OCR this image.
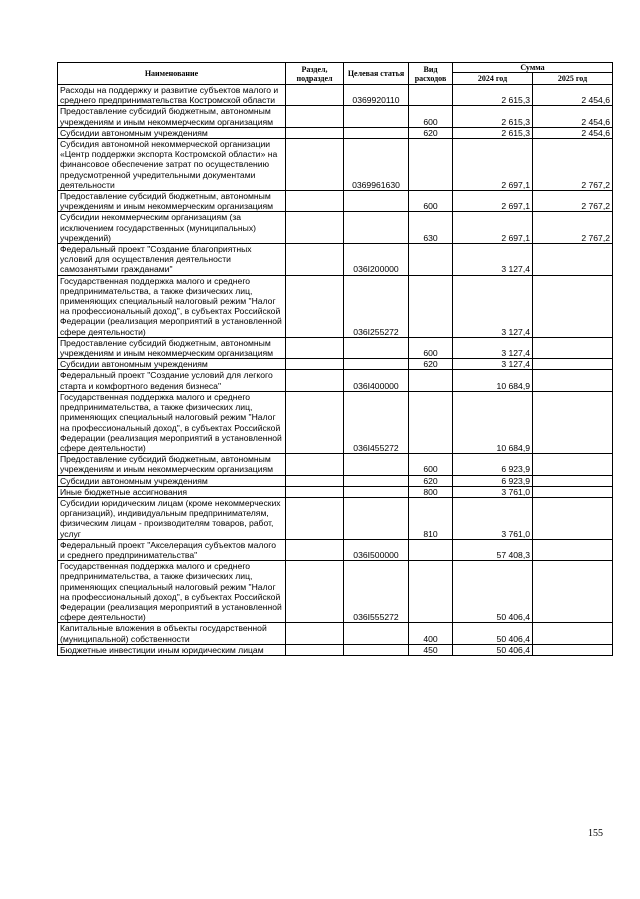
Наименование	Раздел, подраздел	Целевая статья	Вид расходов	Сумма	
				2024 год	2025 год
Расходы на поддержку и развитие субъектов малого и среднего предпринимательства Костромской области		0369920110		2 615,3	2 454,6
Предоставление субсидий бюджетным, автономным учреждениям и иным некоммерческим организациям			600	2 615,3	2 454,6
Субсидии автономным учреждениям			620	2 615,3	2 454,6
Субсидия автономной некоммерческой организации «Центр поддержки экспорта Костромской области» на финансовое обеспечение затрат по осуществлению предусмотренной учредительными документами деятельности		0369961630		2 697,1	2 767,2
Предоставление субсидий бюджетным, автономным учреждениям и иным некоммерческим организациям			600	2 697,1	2 767,2
Субсидии некоммерческим организациям (за исключением государственных (муниципальных) учреждений)			630	2 697,1	2 767,2
Федеральный проект "Создание благоприятных условий для осуществления деятельности самозанятыми гражданами"		036I200000		3 127,4	
Государственная поддержка малого и среднего предпринимательства, а также физических лиц, применяющих специальный налоговый режим "Налог на профессиональный доход", в субъектах Российской Федерации (реализация мероприятий в установленной сфере деятельности)		036I255272		3 127,4	
Предоставление субсидий бюджетным, автономным учреждениям и иным некоммерческим организациям			600	3 127,4	
Субсидии автономным учреждениям			620	3 127,4	
Федеральный проект "Создание условий для легкого старта и комфортного ведения бизнеса"		036I400000		10 684,9	
Государственная поддержка малого и среднего предпринимательства, а также физических лиц, применяющих специальный налоговый режим "Налог на профессиональный доход", в субъектах Российской Федерации (реализация мероприятий в установленной сфере деятельности)		036I455272		10 684,9	
Предоставление субсидий бюджетным, автономным учреждениям и иным некоммерческим организациям			600	6 923,9	
Субсидии автономным учреждениям			620	6 923,9	
Иные бюджетные ассигнования			800	3 761,0	
Субсидии юридическим лицам (кроме некоммерческих организаций), индивидуальным предпринимателям, физическим лицам - производителям товаров, работ, услуг			810	3 761,0	
Федеральный проект "Акселерация субъектов малого и среднего предпринимательства"		036I500000		57 408,3	
Государственная поддержка малого и среднего предпринимательства, а также физических лиц, применяющих специальный налоговый режим "Налог на профессиональный доход", в субъектах Российской Федерации (реализация мероприятий в установленной сфере деятельности)		036I555272		50 406,4	
Капитальные вложения в объекты государственной (муниципальной) собственности			400	50 406,4	
Бюджетные инвестиции иным юридическим лицам			450	50 406,4	
155
